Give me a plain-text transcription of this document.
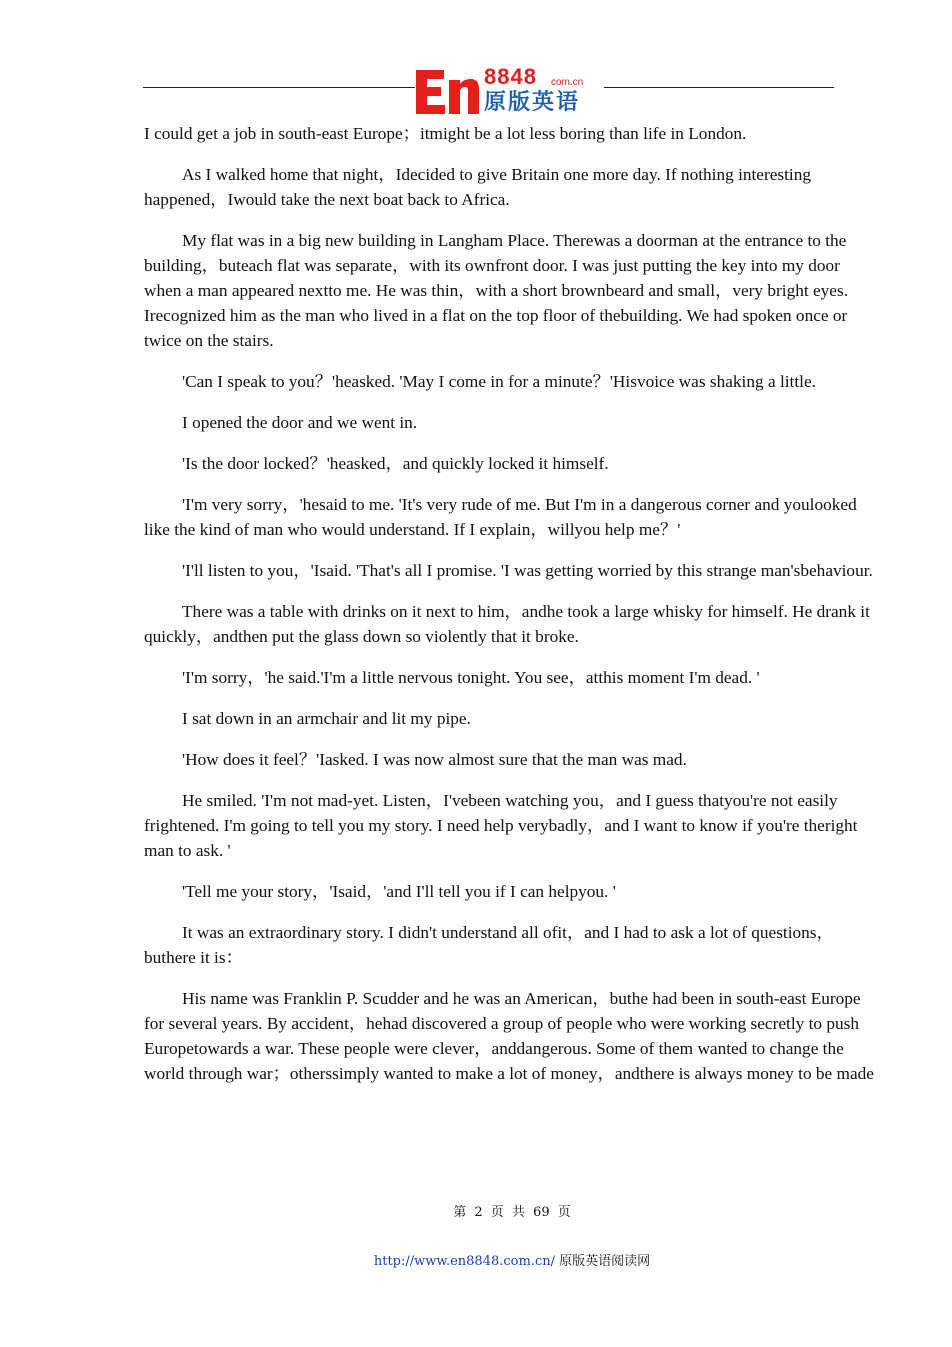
8848 com.cn
原版英语

I could get a job in south-east Europe；itmight be a lot less boring than life in London.

As I walked home that night，Idecided to give Britain one more day. If nothing interesting happened，Iwould take the next boat back to Africa.

My flat was in a big new building in Langham Place. Therewas a doorman at the entrance to the building，buteach flat was separate，with its ownfront door. I was just putting the key into my door when a man appeared nextto me. He was thin，with a short brownbeard and small，very bright eyes. Irecognized him as the man who lived in a flat on the top floor of thebuilding. We had spoken once or twice on the stairs.

'Can I speak to you？'heasked. 'May I come in for a minute？'Hisvoice was shaking a little.

I opened the door and we went in.

'Is the door locked？'heasked，and quickly locked it himself.

'I'm very sorry，'hesaid to me. 'It's very rude of me. But I'm in a dangerous corner and youlooked like the kind of man who would understand. If I explain，willyou help me？'

'I'll listen to you，'Isaid. 'That's all I promise. 'I was getting worried by this strange man'sbehaviour.

There was a table with drinks on it next to him，andhe took a large whisky for himself. He drank it quickly，andthen put the glass down so violently that it broke.

'I'm sorry，'he said.'I'm a little nervous tonight. You see，atthis moment I'm dead. '

I sat down in an armchair and lit my pipe.

'How does it feel？'Iasked. I was now almost sure that the man was mad.

He smiled. 'I'm not mad-yet. Listen，I'vebeen watching you，and I guess thatyou're not easily frightened. I'm going to tell you my story. I need help verybadly，and I want to know if you're theright man to ask. '

'Tell me your story，'Isaid，'and I'll tell you if I can helpyou. '

It was an extraordinary story. I didn't understand all ofit，and I had to ask a lot of questions，buthere it is：

His name was Franklin P. Scudder and he was an American，buthe had been in south-east Europe for several years. By accident，hehad discovered a group of people who were working secretly to push Europetowards a war. These people were clever，anddangerous. Some of them wanted to change the world through war；otherssimply wanted to make a lot of money，andthere is always money to be made

第 2 页 共 69 页
http://www.en8848.com.cn/ 原版英语阅读网
